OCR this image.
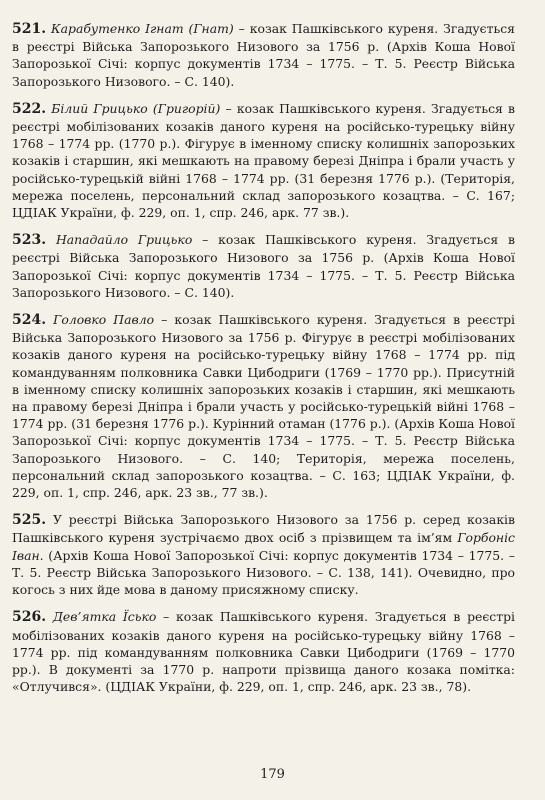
521. Карабутенко Ігнат (Гнат) – козак Пашківського куреня. Згадується в реєстрі Війська Запорозького Низового за 1756 р. (Архів Коша Нової Запорозької Січі: корпус документів 1734 – 1775. – Т. 5. Реєстр Війська Запорозького Низового. – С. 140).

522. Білий Грицько (Григорій) – козак Пашківського куреня. Згадується в реєстрі мобілізованих козаків даного куреня на російсько-турецьку війну 1768 – 1774 рр. (1770 р.). Фігурує в іменному списку колишніх запорозьких козаків і старшин, які мешкають на правому березі Дніпра і брали участь у російсько-турецькій війні 1768 – 1774 рр. (31 березня 1776 р.). (Територія, мережа поселень, персональний склад запорозького козацтва. – С. 167; ЦДІАК України, ф. 229, оп. 1, спр. 246, арк. 77 зв.).

523. Нападайло Грицько – козак Пашківського куреня. Згадується в реєстрі Війська Запорозького Низового за 1756 р. (Архів Коша Нової Запорозької Січі: корпус документів 1734 – 1775. – Т. 5. Реєстр Війська Запорозького Низового. – С. 140).

524. Головко Павло – козак Пашківського куреня. Згадується в реєстрі Війська Запорозького Низового за 1756 р. Фігурує в реєстрі мобілізованих козаків даного куреня на російсько-турецьку війну 1768 – 1774 рр. під командуванням полковника Савки Цибодриги (1769 – 1770 рр.). Присутній в іменному списку колишніх запорозьких козаків і старшин, які мешкають на правому березі Дніпра і брали участь у російсько-турецькій війні 1768 – 1774 рр. (31 березня 1776 р.). Курінний отаман (1776 р.). (Архів Коша Нової Запорозької Січі: корпус документів 1734 – 1775. – Т. 5. Реєстр Війська Запорозького Низового. – С. 140; Територія, мережа поселень, персональний склад запорозького козацтва. – С. 163; ЦДІАК України, ф. 229, оп. 1, спр. 246, арк. 23 зв., 77 зв.).

525. У реєстрі Війська Запорозького Низового за 1756 р. серед козаків Пашківського куреня зустрічаємо двох осіб з прізвищем та ім’ям Горбоніс Іван. (Архів Коша Нової Запорозької Січі: корпус документів 1734 – 1775. – Т. 5. Реєстр Війська Запорозького Низового. – С. 138, 141). Очевидно, про когось з них йде мова в даному присяжному списку.

526. Дев’ятка Їсько – козак Пашківського куреня. Згадується в реєстрі мобілізованих козаків даного куреня на російсько-турецьку війну 1768 – 1774 рр. під командуванням полковника Савки Цибодриги (1769 – 1770 рр.). В документі за 1770 р. напроти прізвища даного козака помітка: «Отлучився». (ЦДІАК України, ф. 229, оп. 1, спр. 246, арк. 23 зв., 78).

179
